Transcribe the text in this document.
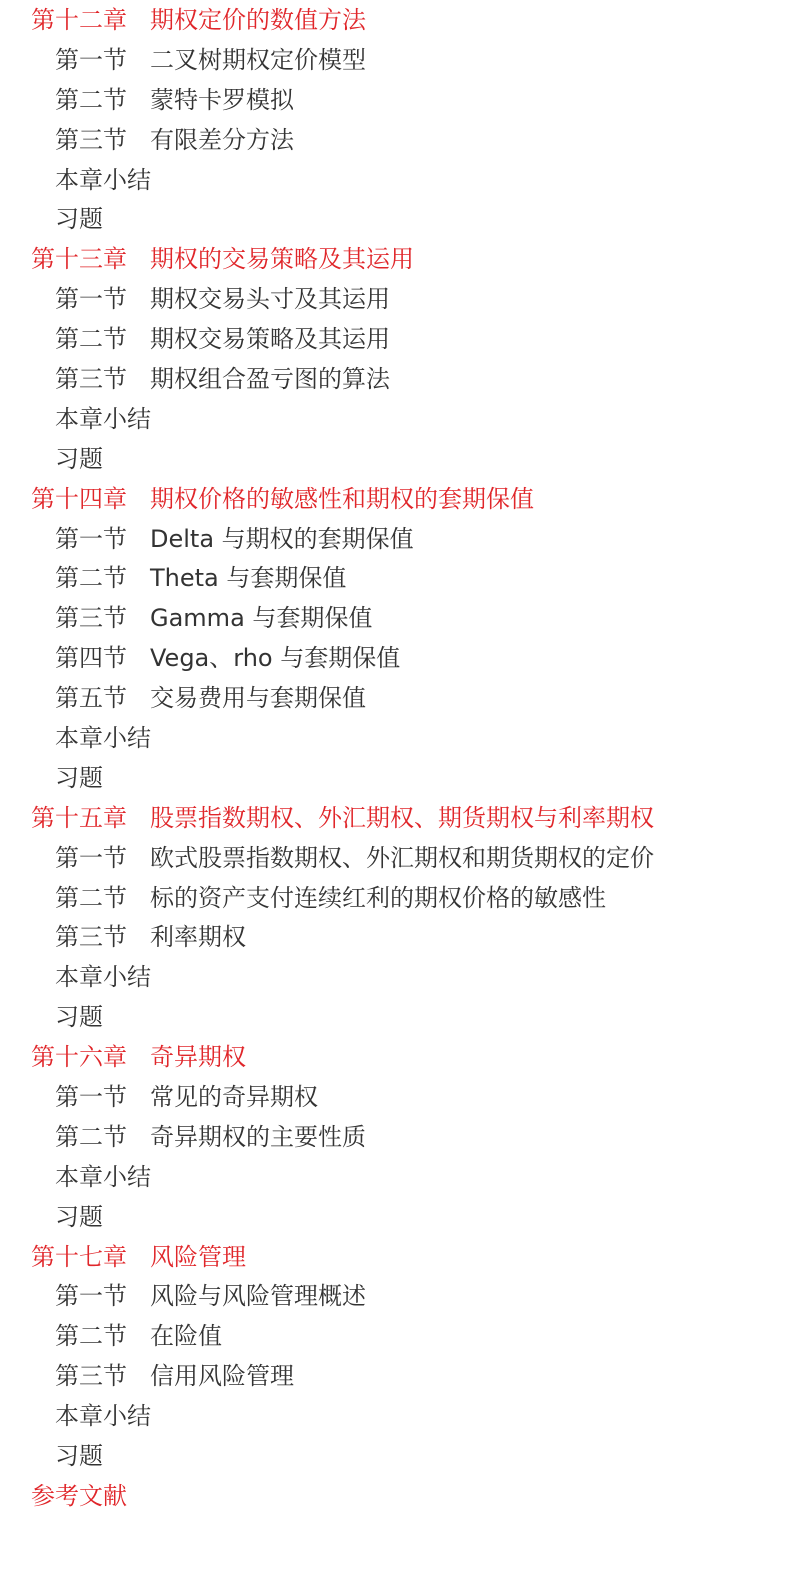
第十二章 期权定价的数值方法
第一节 二叉树期权定价模型
第二节 蒙特卡罗模拟
第三节 有限差分方法
本章小结
习题
第十三章 期权的交易策略及其运用
第一节 期权交易头寸及其运用
第二节 期权交易策略及其运用
第三节 期权组合盈亏图的算法
本章小结
习题
第十四章 期权价格的敏感性和期权的套期保值
第一节 Delta 与期权的套期保值
第二节 Theta 与套期保值
第三节 Gamma 与套期保值
第四节 Vega、rho 与套期保值
第五节 交易费用与套期保值
本章小结
习题
第十五章 股票指数期权、外汇期权、期货期权与利率期权
第一节 欧式股票指数期权、外汇期权和期货期权的定价
第二节 标的资产支付连续红利的期权价格的敏感性
第三节 利率期权
本章小结
习题
第十六章 奇异期权
第一节 常见的奇异期权
第二节 奇异期权的主要性质
本章小结
习题
第十七章 风险管理
第一节 风险与风险管理概述
第二节 在险值
第三节 信用风险管理
本章小结
习题
参考文献
